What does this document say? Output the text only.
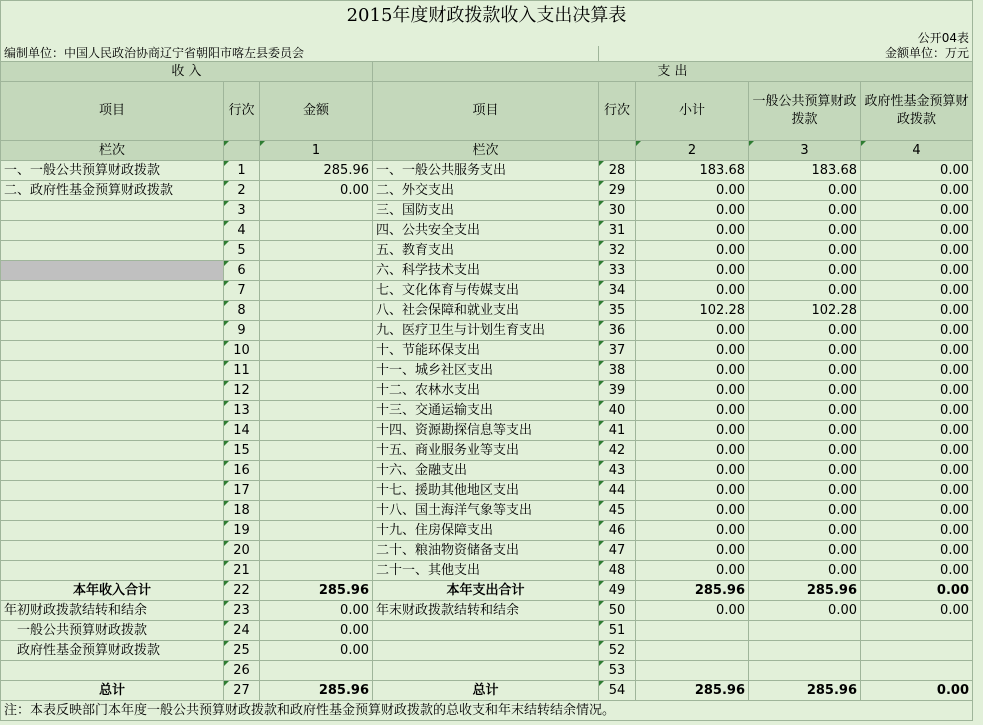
2015年度财政拨款收入支出决算表							
公开04表							
编制单位：中国人民政治协商辽宁省朝阳市喀左县委员会				金额单位：万元			
收 入			支 出				
项目	行次	金额	项目	行次	小计	一般公共预算财政拨款	政府性基金预算财政拨款
栏次		1	栏次		2	3	4
一、一般公共预算财政拨款	1	285.96	一、一般公共服务支出	28	183.68	183.68	0.00
二、政府性基金预算财政拨款	2	0.00	二、外交支出	29	0.00	0.00	0.00
	3		三、国防支出	30	0.00	0.00	0.00
	4		四、公共安全支出	31	0.00	0.00	0.00
	5		五、教育支出	32	0.00	0.00	0.00
	6		六、科学技术支出	33	0.00	0.00	0.00
	7		七、文化体育与传媒支出	34	0.00	0.00	0.00
	8		八、社会保障和就业支出	35	102.28	102.28	0.00
	9		九、医疗卫生与计划生育支出	36	0.00	0.00	0.00
	10		十、节能环保支出	37	0.00	0.00	0.00
	11		十一、城乡社区支出	38	0.00	0.00	0.00
	12		十二、农林水支出	39	0.00	0.00	0.00
	13		十三、交通运输支出	40	0.00	0.00	0.00
	14		十四、资源勘探信息等支出	41	0.00	0.00	0.00
	15		十五、商业服务业等支出	42	0.00	0.00	0.00
	16		十六、金融支出	43	0.00	0.00	0.00
	17		十七、援助其他地区支出	44	0.00	0.00	0.00
	18		十八、国土海洋气象等支出	45	0.00	0.00	0.00
	19		十九、住房保障支出	46	0.00	0.00	0.00
	20		二十、粮油物资储备支出	47	0.00	0.00	0.00
	21		二十一、其他支出	48	0.00	0.00	0.00
本年收入合计	22	285.96	本年支出合计	49	285.96	285.96	0.00
年初财政拨款结转和结余	23	0.00	年末财政拨款结转和结余	50	0.00	0.00	0.00
一般公共预算财政拨款	24	0.00		51			
政府性基金预算财政拨款	25	0.00		52			
	26			53			
总计	27	285.96	总计	54	285.96	285.96	0.00
注：本表反映部门本年度一般公共预算财政拨款和政府性基金预算财政拨款的总收支和年末结转结余情况。							
